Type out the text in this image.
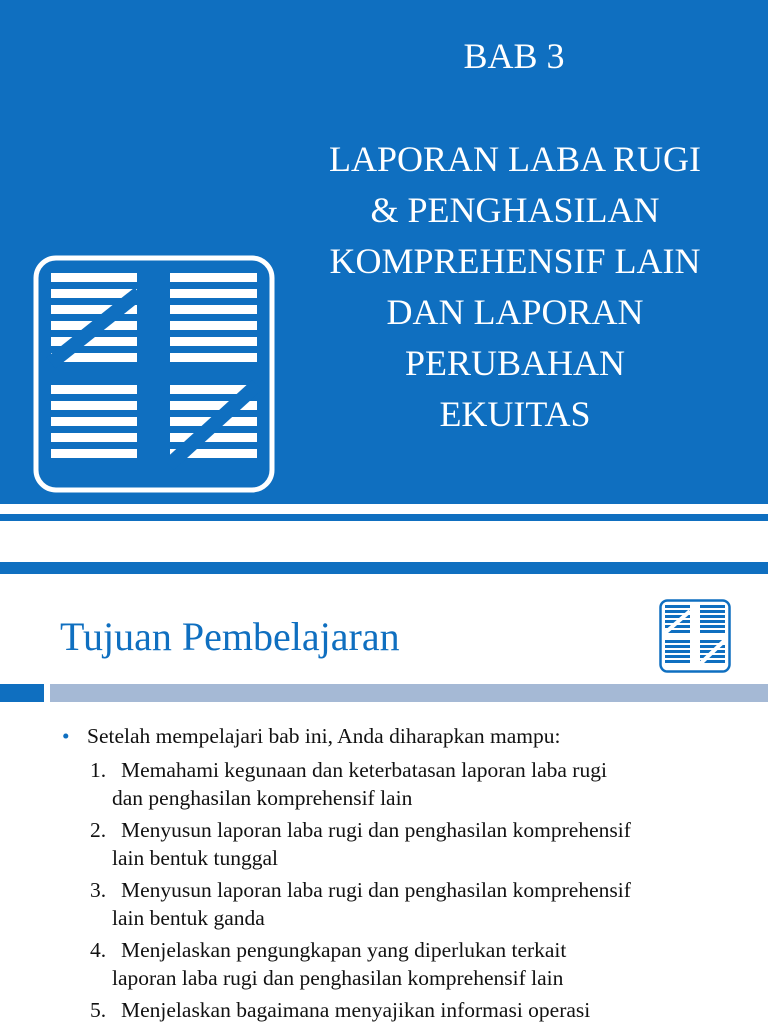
BAB 3
LAPORAN LABA RUGI
& PENGHASILAN
KOMPREHENSIF LAIN
DAN LAPORAN
PERUBAHAN
EKUITAS
Tujuan Pembelajaran
• Setelah mempelajari bab ini, Anda diharapkan mampu:
1. Memahami kegunaan dan keterbatasan laporan laba rugi
dan penghasilan komprehensif lain
2. Menyusun laporan laba rugi dan penghasilan komprehensif
lain bentuk tunggal
3. Menyusun laporan laba rugi dan penghasilan komprehensif
lain bentuk ganda
4. Menjelaskan pengungkapan yang diperlukan terkait
laporan laba rugi dan penghasilan komprehensif lain
5. Menjelaskan bagaimana menyajikan informasi operasi
